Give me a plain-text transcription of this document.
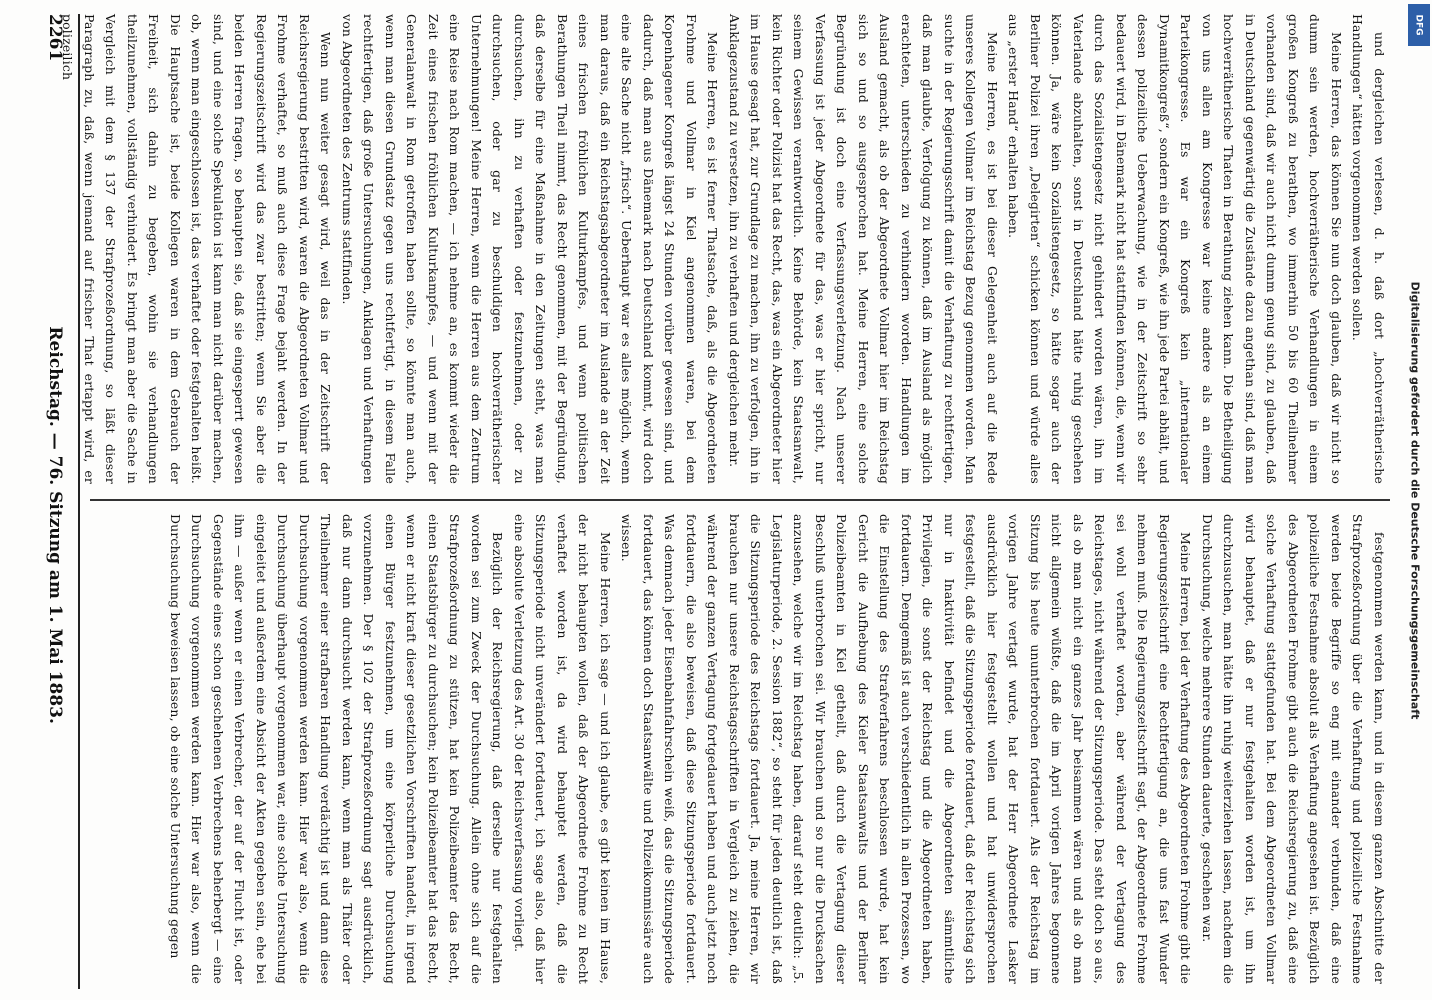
und dergleichen verlesen, d. h. daß dort „hochverrätherische Handlungen“ hätten vorgenommen werden sollen.

Meine Herren, das können Sie nun doch glauben, daß wir nicht so dumm sein werden, hochverrätherische Verhandlungen in einem großen Kongreß zu berathen, wo immerhin 50 bis 60 Theilnehmer vorhanden sind, daß wir auch nicht dumm genug sind, zu glauben, daß in Deutschland gegenwärtig die Zustände dazu angethan sind, daß man hochverrätherische Thaten in Berathung ziehen kann. Die Betheiligung von uns allen am Kongresse war keine andere als an einem Parteikongresse. Es war ein Kongreß kein „internationaler Dynamitkongreß“, sondern ein Kongreß, wie ihn jede Partei abhält, und dessen polizeiliche Ueberwachung, wie in der Zeitschrift so sehr bedauert wird, in Dänemark nicht hat stattfinden können, die, wenn wir durch das Sozialistengesetz nicht gehindert worden wären, ihn im Vaterlande abzuhalten, sonst in Deutschland hätte ruhig geschehen können. Ja, wäre kein Sozialistengesetz, so hätte sogar auch der Berliner Polizei ihren „Delegirten“ schicken können und würde alles aus „erster Hand“ erhalten haben.

Meine Herren, es ist bei dieser Gelegenheit auch auf die Rede unseres Kollegen Vollmar im Reichstag Bezug genommen worden. Man suchte in der Regierungsschrift damit die Verhaftung zu rechtfertigen, daß man glaubte, Verfolgung zu können, daß im Ausland als möglich erachteten, unterschieden zu verhindern worden. Handlungen im Ausland gemacht, als ob der Abgeordnete Vollmar hier im Reichstag sich so und so ausgesprochen hat. Meine Herren, eine solche Begründung ist doch eine Verfassungsverletzung. Nach unserer Verfassung ist jeder Abgeordnete für das, was er hier spricht, nur seinem Gewissen verantwortlich. Keine Behörde, kein Staatsanwalt, kein Richter oder Polizist hat das Recht, das, was ein Abgeordneter hier im Hause gesagt hat, zur Grundlage zu machen, ihn zu verfolgen, ihn in Anklagezustand zu versetzen, ihn zu verhaften und dergleichen mehr.

Meine Herren, es ist ferner Thatsache, daß, als die Abgeordneten Frohme und Vollmar in Kiel angenommen waren, bei dem Kopenhagener Kongreß längst 24 Stunden vorüber gewesen sind, und dadurch, daß man aus Dänemark nach Deutschland kommt, wird doch eine alte Sache nicht „frisch“. Ueberhaupt war es alles möglich, wenn man daraus, daß ein Reichstagsabgeordneter im Auslande an der Zeit eines frischen fröhlichen Kulturkampfes, und wenn politischen Berathungen Theil nimmt, das Recht genommen, mit der Begründung, daß derselbe für eine Maßnahme in den Zeitungen steht, was man durchsuchen, ihn zu verhaften oder festzunehmen, oder zu durchsuchen, oder gar zu beschuldigen hochverrätherischer Unternehmungen! Meine Herren, wenn die Herren aus dem Zentrum eine Reise nach Rom machen, — ich nehme an, es kommt wieder die Zeit eines frischen fröhlichen Kulturkampfes, — und wenn mit der Generalanwalt in Rom getroffen haben sollte, so könnte man auch, wenn man diesen Grundsatz gegen uns rechtfertigt, in diesem Falle rechtfertigen, daß große Untersuchungen, Anklagen und Verhaftungen von Abgeordneten des Zentrums stattfinden.

Wenn nun weiter gesagt wird, weil das in der Zeitschrift der Reichsregierung bestritten wird, waren die Abgeordneten Vollmar und Frohme verhaftet, so muß auch diese Frage bejaht werden. In der Regierungszeitschrift wird das zwar bestritten; wenn Sie aber die beiden Herren fragen, so behaupten sie, daß sie eingesperrt gewesen sind, und eine solche Spekulation ist kann man nicht darüber machen, ob, wenn man eingeschlossen ist, das verhaftet oder festgehalten heißt. Die Hauptsache ist, beide Kollegen waren in dem Gebrauch der Freiheit, sich dahin zu begeben, wohin sie verhandlungen theilzunehmen, vollständig verhindert. Es bringt man aber die Sache in Vergleich mit dem § 137 der Strafprozeßordnung, so läßt dieser Paragraph zu, daß, wenn jemand auf frischer That ertappt wird, er polizeilich

festgenommen werden kann, und in diesem ganzen Abschnitte der Strafprozeßordnung über die Verhaftung und polizeiliche Festnahme werden beide Begriffe so eng mit einander verbunden, daß eine polizeiliche Festnahme absolut als Verhaftung angesehen ist. Bezüglich des Abgeordneten Frohme gibt auch die Reichsregierung zu, daß eine solche Verhaftung stattgefunden hat. Bei dem Abgeordneten Vollmar wird behauptet, daß er nur festgehalten worden ist, um ihn durchzusuchen, man hätte ihn ruhig weiterziehen lassen, nachdem die Durchsuchung, welche mehrere Stunden dauerte, geschehen war.

Meine Herren, bei der Verhaftung des Abgeordneten Frohme gibt die Regierungszeitschrift eine Rechtfertigung an, die uns fast Wunder nehmen muß. Die Regierungszeitschrift sagt, der Abgeordnete Frohme sei wohl verhaftet worden, aber während der Vertagung des Reichstages, nicht während der Sitzungsperiode. Das steht doch so aus, als ob man nicht ein ganzes Jahr beisammen wären und als ob man nicht allgemein wüßte, daß die im April vorigen Jahres begonnene Sitzung bis heute ununterbrochen fortdauert. Als der Reichstag im vorigen Jahre vertagt wurde, hat der Herr Abgeordnete Lasker ausdrücklich hier festgestellt wollen und hat unwidersprochen festgestellt, daß die Sitzungsperiode fortdauert, daß der Reichstag sich nur in Inaktivität befindet und die Abgeordneten sämmtliche Privilegien, die sonst der Reichstag und die Abgeordneten haben, fortdauern. Demgemäß ist auch verschiedentlich in allen Prozessen, wo die Einstellung des Strafverfahrens beschlossen wurde, hat kein Gericht die Aufhebung des Kieler Staatsanwalts und der Berliner Polizeibeamten in Kiel getheilt, daß durch die Vertagung dieser Beschluß unterbrochen sei. Wir brauchen und so nur die Drucksachen anzusehen, welche wir im Reichstag haben, darauf steht deutlich: „5. Legislaturperiode, 2. Session 1882“, so steht für jeden deutlich ist, daß die Sitzungsperiode des Reichstags fortdauert. Ja, meine Herren, wir brauchen nur unsere Reichstagsschriften in Vergleich zu ziehen, die während der ganzen Vertagung fortgedauert haben und auch jetzt noch fortdauern, die also beweisen, daß diese Sitzungsperiode fortdauert. Was demnach jeder Eisenbahnfahrschein weiß, das die Sitzungsperiode fortdauert, das können doch Staatsanwälte und Polizeikommissäre auch wissen.

Meine Herren, ich sage — und ich glaube, es gibt keinen im Hause, der nicht behaupten wollen, daß der Abgeordnete Frohme zu Recht verhaftet worden ist, da wird behauptet werden, daß die Sitzungsperiode nicht unverändert fortdauert, ich sage also, daß hier eine absolute Verletzung des Art. 30 der Reichsverfassung vorliegt.

Bezüglich der Reichsregierung, daß derselbe nur festgehalten worden sei zum Zweck der Durchsuchung. Allein ohne sich auf die Strafprozeßordnung zu stützen, hat kein Polizeibeamter das Recht, einen Staatsbürger zu durchsuchen; kein Polizeibeamter hat das Recht, wenn er nicht kraft dieser gesetzlichen Vorschriften handelt, in irgend einen Bürger festzunehmen, um eine körperliche Durchsuchung vorzunehmen. Der § 102 der Strafprozeßordnung sagt ausdrücklich, daß nur dann durchsucht werden kann, wenn man als Thäter oder Theilnehmer einer strafbaren Handlung verdächtig ist und dann diese Durchsuchung vorgenommen werden kann. Hier war also, wenn die Durchsuchung überhaupt vorgenommen war, eine solche Untersuchung eingeleitet und außerdem eine Absicht der Akten gegeben sein, ehe bei ihm — außer wenn er einen Verbrecher, der auf der Flucht ist, oder Gegenstände eines schon geschehenen Verbrechens beherbergt — eine Durchsuchung vorgenommen werden kann. Hier war also, wenn die Durchsuchung beweisen lassen, ob eine solche Untersuchung gegen

2261
Reichstag. — 76. Sitzung am 1. Mai 1883.	Digitalisierung gefördert durch die Deutsche Forschungsgemeinschaft
DFG
